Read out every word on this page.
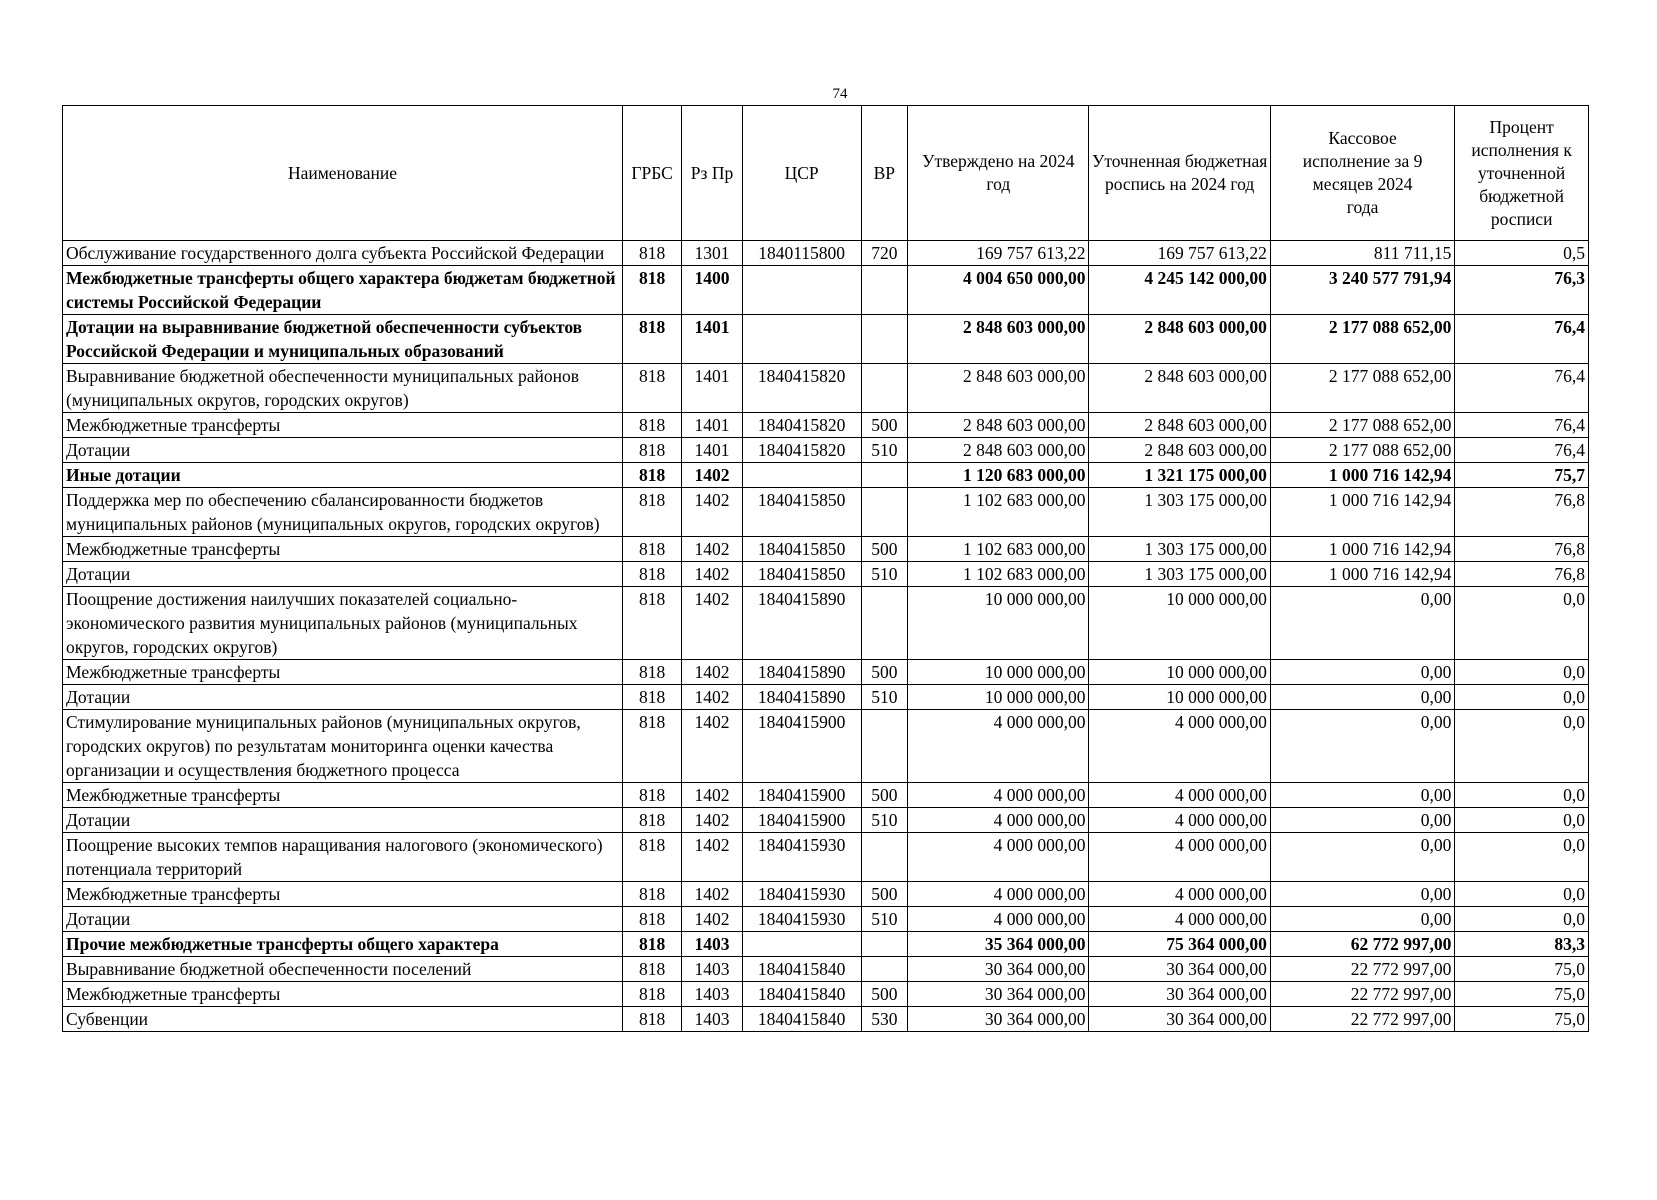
74
Наименование	ГРБС	Рз Пр	ЦСР	ВР	Утверждено на 2024 год	Уточненная бюджетная роспись на 2024 год	Кассовое исполнение за 9 месяцев 2024 года	Процент исполнения к уточненной бюджетной росписи
Обслуживание государственного долга субъекта Российской Федерации	818	1301	1840115800	720	169 757 613,22	169 757 613,22	811 711,15	0,5
Межбюджетные трансферты общего характера бюджетам бюджетной системы Российской Федерации	818	1400			4 004 650 000,00	4 245 142 000,00	3 240 577 791,94	76,3
Дотации на выравнивание бюджетной обеспеченности субъектов Российской Федерации и муниципальных образований	818	1401			2 848 603 000,00	2 848 603 000,00	2 177 088 652,00	76,4
Выравнивание бюджетной обеспеченности муниципальных районов (муниципальных округов, городских округов)	818	1401	1840415820		2 848 603 000,00	2 848 603 000,00	2 177 088 652,00	76,4
Межбюджетные трансферты	818	1401	1840415820	500	2 848 603 000,00	2 848 603 000,00	2 177 088 652,00	76,4
Дотации	818	1401	1840415820	510	2 848 603 000,00	2 848 603 000,00	2 177 088 652,00	76,4
Иные дотации	818	1402			1 120 683 000,00	1 321 175 000,00	1 000 716 142,94	75,7
Поддержка мер по обеспечению сбалансированности бюджетов муниципальных районов (муниципальных округов, городских округов)	818	1402	1840415850		1 102 683 000,00	1 303 175 000,00	1 000 716 142,94	76,8
Межбюджетные трансферты	818	1402	1840415850	500	1 102 683 000,00	1 303 175 000,00	1 000 716 142,94	76,8
Дотации	818	1402	1840415850	510	1 102 683 000,00	1 303 175 000,00	1 000 716 142,94	76,8
Поощрение достижения наилучших показателей социально-экономического развития муниципальных районов (муниципальных округов, городских округов)	818	1402	1840415890		10 000 000,00	10 000 000,00	0,00	0,0
Межбюджетные трансферты	818	1402	1840415890	500	10 000 000,00	10 000 000,00	0,00	0,0
Дотации	818	1402	1840415890	510	10 000 000,00	10 000 000,00	0,00	0,0
Стимулирование муниципальных районов (муниципальных округов, городских округов) по результатам мониторинга оценки качества организации и осуществления бюджетного процесса	818	1402	1840415900		4 000 000,00	4 000 000,00	0,00	0,0
Межбюджетные трансферты	818	1402	1840415900	500	4 000 000,00	4 000 000,00	0,00	0,0
Дотации	818	1402	1840415900	510	4 000 000,00	4 000 000,00	0,00	0,0
Поощрение высоких темпов наращивания налогового (экономического) потенциала территорий	818	1402	1840415930		4 000 000,00	4 000 000,00	0,00	0,0
Межбюджетные трансферты	818	1402	1840415930	500	4 000 000,00	4 000 000,00	0,00	0,0
Дотации	818	1402	1840415930	510	4 000 000,00	4 000 000,00	0,00	0,0
Прочие межбюджетные трансферты общего характера	818	1403			35 364 000,00	75 364 000,00	62 772 997,00	83,3
Выравнивание бюджетной обеспеченности поселений	818	1403	1840415840		30 364 000,00	30 364 000,00	22 772 997,00	75,0
Межбюджетные трансферты	818	1403	1840415840	500	30 364 000,00	30 364 000,00	22 772 997,00	75,0
Субвенции	818	1403	1840415840	530	30 364 000,00	30 364 000,00	22 772 997,00	75,0
